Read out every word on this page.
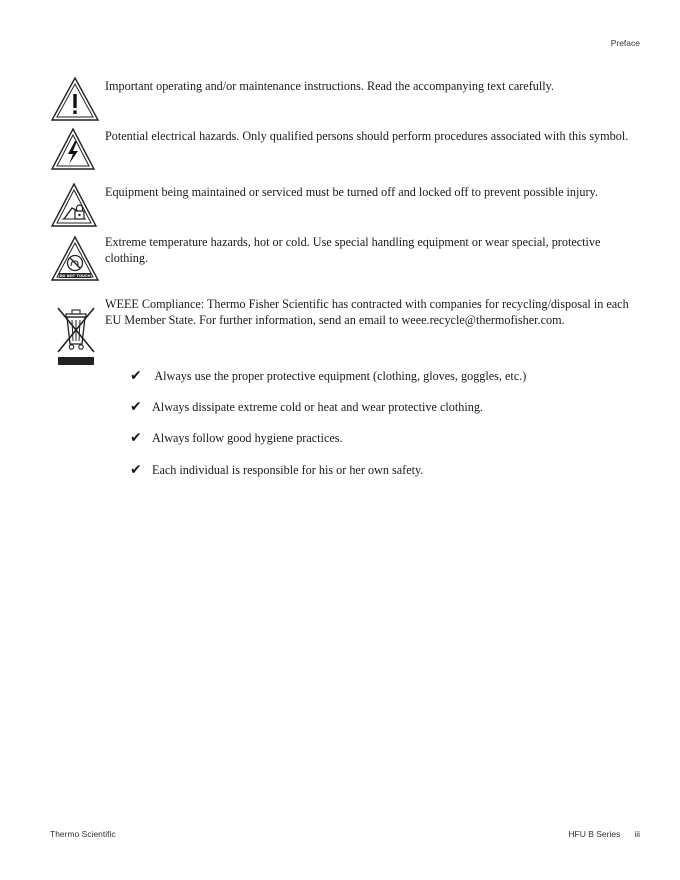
Preface
Important operating and/or maintenance instructions. Read the accompanying text carefully.
Potential electrical hazards. Only qualified persons should perform procedures associated with this symbol.
Equipment being maintained or serviced must be turned off and locked off to prevent possible injury.
DO NOT TOUCH
Extreme temperature hazards, hot or cold. Use special handling equipment or wear special, protective clothing.
WEEE Compliance: Thermo Fisher Scientific has contracted with companies for recycling/disposal in each EU Member State. For further information, send an email to weee.recycle@thermofisher.com.
✔ Always use the proper protective equipment (clothing, gloves, goggles, etc.)
✔ Always dissipate extreme cold or heat and wear protective clothing.
✔ Always follow good hygiene practices.
✔ Each individual is responsible for his or her own safety.
Thermo Scientific	HFU B Series iii
